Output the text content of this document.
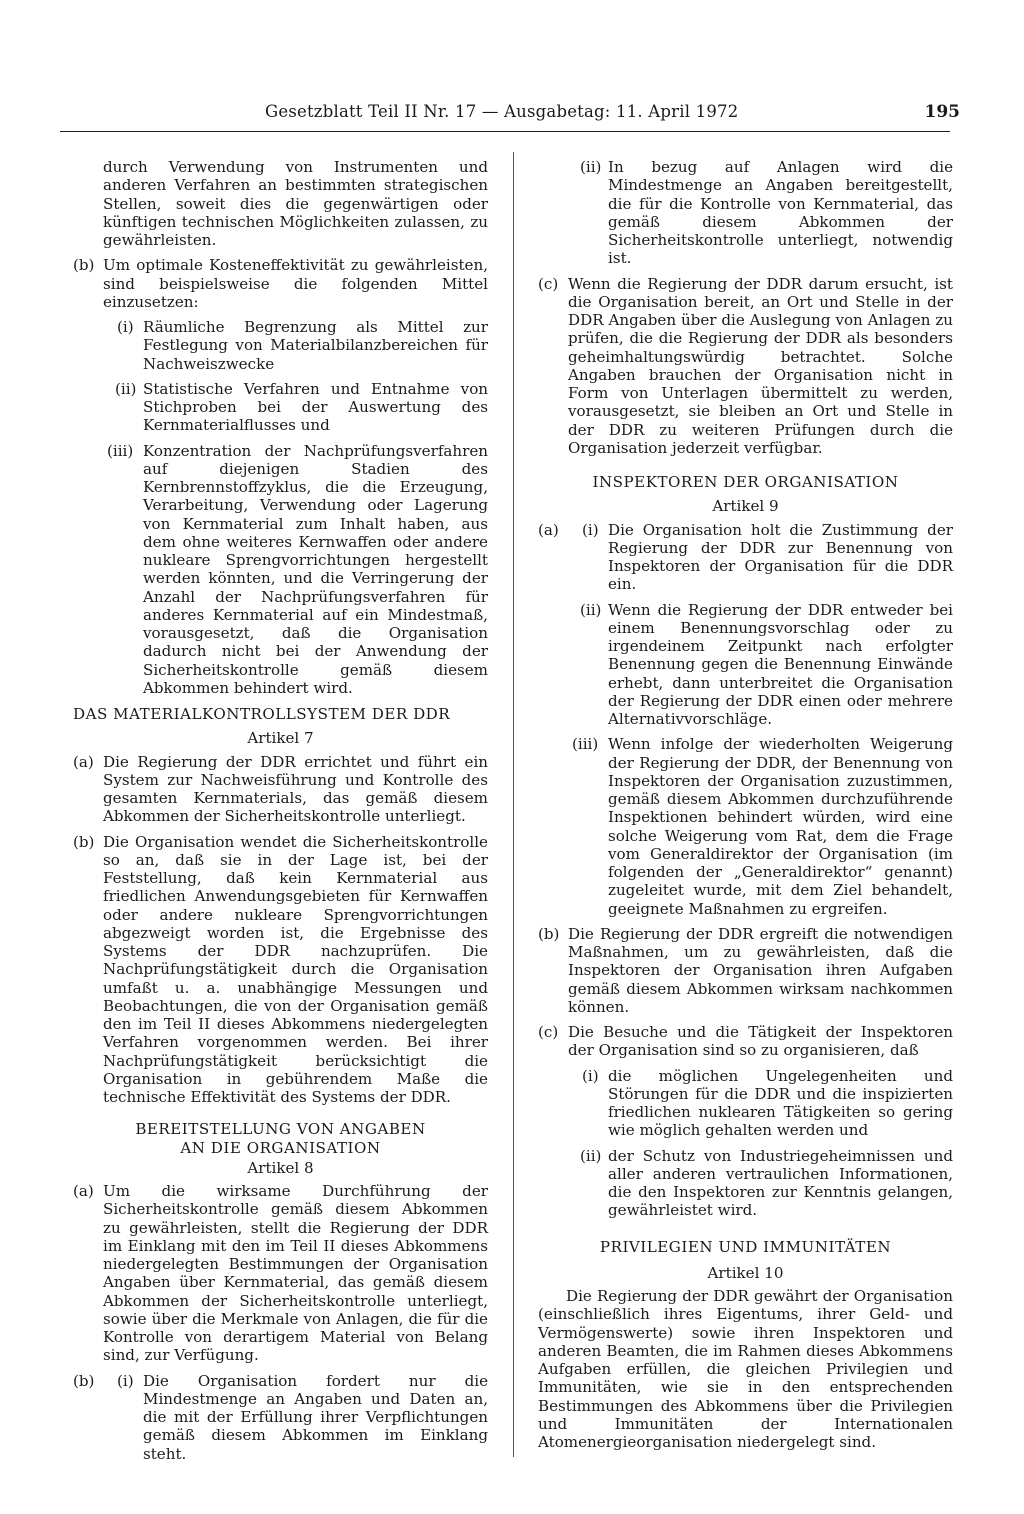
Gesetzblatt Teil II Nr. 17 — Ausgabetag: 11. April 1972	195
durch Verwendung von Instrumenten und anderen Verfahren an bestimmten strategischen Stellen, soweit dies die gegenwärtigen oder künftigen technischen Möglichkeiten zulassen, zu gewährleisten.
(b) Um optimale Kosteneffektivität zu gewährleisten, sind beispielsweise die folgenden Mittel einzusetzen:
(i) Räumliche Begrenzung als Mittel zur Festlegung von Materialbilanzbereichen für Nachweiszwecke
(ii) Statistische Verfahren und Entnahme von Stichproben bei der Auswertung des Kernmaterialflusses und
(iii) Konzentration der Nachprüfungsverfahren auf diejenigen Stadien des Kernbrennstoffzyklus, die die Erzeugung, Verarbeitung, Verwendung oder Lagerung von Kernmaterial zum Inhalt haben, aus dem ohne weiteres Kernwaffen oder andere nukleare Sprengvorrichtungen hergestellt werden könnten, und die Verringerung der Anzahl der Nachprüfungsverfahren für anderes Kernmaterial auf ein Mindestmaß, vorausgesetzt, daß die Organisation dadurch nicht bei der Anwendung der Sicherheitskontrolle gemäß diesem Abkommen behindert wird.
DAS MATERIALKONTROLLSYSTEM DER DDR
Artikel 7
(a) Die Regierung der DDR errichtet und führt ein System zur Nachweisführung und Kontrolle des gesamten Kernmaterials, das gemäß diesem Abkommen der Sicherheitskontrolle unterliegt.
(b) Die Organisation wendet die Sicherheitskontrolle so an, daß sie in der Lage ist, bei der Feststellung, daß kein Kernmaterial aus friedlichen Anwendungsgebieten für Kernwaffen oder andere nukleare Sprengvorrichtungen abgezweigt worden ist, die Ergebnisse des Systems der DDR nachzuprüfen. Die Nachprüfungstätigkeit durch die Organisation umfaßt u. a. unabhängige Messungen und Beobachtungen, die von der Organisation gemäß den im Teil II dieses Abkommens niedergelegten Verfahren vorgenommen werden. Bei ihrer Nachprüfungstätigkeit berücksichtigt die Organisation in gebührendem Maße die technische Effektivität des Systems der DDR.
BEREITSTELLUNG VON ANGABEN
AN DIE ORGANISATION
Artikel 8
(a) Um die wirksame Durchführung der Sicherheitskontrolle gemäß diesem Abkommen zu gewährleisten, stellt die Regierung der DDR im Einklang mit den im Teil II dieses Abkommens niedergelegten Bestimmungen der Organisation Angaben über Kernmaterial, das gemäß diesem Abkommen der Sicherheitskontrolle unterliegt, sowie über die Merkmale von Anlagen, die für die Kontrolle von derartigem Material von Belang sind, zur Verfügung.
(b) (i) Die Organisation fordert nur die Mindestmenge an Angaben und Daten an, die mit der Erfüllung ihrer Verpflichtungen gemäß diesem Abkommen im Einklang steht.
(ii) In bezug auf Anlagen wird die Mindestmenge an Angaben bereitgestellt, die für die Kontrolle von Kernmaterial, das gemäß diesem Abkommen der Sicherheitskontrolle unterliegt, notwendig ist.
(c) Wenn die Regierung der DDR darum ersucht, ist die Organisation bereit, an Ort und Stelle in der DDR Angaben über die Auslegung von Anlagen zu prüfen, die die Regierung der DDR als besonders geheimhaltungswürdig betrachtet. Solche Angaben brauchen der Organisation nicht in Form von Unterlagen übermittelt zu werden, vorausgesetzt, sie bleiben an Ort und Stelle in der DDR zu weiteren Prüfungen durch die Organisation jederzeit verfügbar.
INSPEKTOREN DER ORGANISATION
Artikel 9
(a) (i) Die Organisation holt die Zustimmung der Regierung der DDR zur Benennung von Inspektoren der Organisation für die DDR ein.
(ii) Wenn die Regierung der DDR entweder bei einem Benennungsvorschlag oder zu irgendeinem Zeitpunkt nach erfolgter Benennung gegen die Benennung Einwände erhebt, dann unterbreitet die Organisation der Regierung der DDR einen oder mehrere Alternativvorschläge.
(iii) Wenn infolge der wiederholten Weigerung der Regierung der DDR, der Benennung von Inspektoren der Organisation zuzustimmen, gemäß diesem Abkommen durchzuführende Inspektionen behindert würden, wird eine solche Weigerung vom Rat, dem die Frage vom Generaldirektor der Organisation (im folgenden der „Generaldirektor“ genannt) zugeleitet wurde, mit dem Ziel behandelt, geeignete Maßnahmen zu ergreifen.
(b) Die Regierung der DDR ergreift die notwendigen Maßnahmen, um zu gewährleisten, daß die Inspektoren der Organisation ihren Aufgaben gemäß diesem Abkommen wirksam nachkommen können.
(c) Die Besuche und die Tätigkeit der Inspektoren der Organisation sind so zu organisieren, daß
(i) die möglichen Ungelegenheiten und Störungen für die DDR und die inspizierten friedlichen nuklearen Tätigkeiten so gering wie möglich gehalten werden und
(ii) der Schutz von Industriegeheimnissen und aller anderen vertraulichen Informationen, die den Inspektoren zur Kenntnis gelangen, gewährleistet wird.
PRIVILEGIEN UND IMMUNITÄTEN
Artikel 10
Die Regierung der DDR gewährt der Organisation (einschließlich ihres Eigentums, ihrer Geld- und Vermögenswerte) sowie ihren Inspektoren und anderen Beamten, die im Rahmen dieses Abkommens Aufgaben erfüllen, die gleichen Privilegien und Immunitäten, wie sie in den entsprechenden Bestimmungen des Abkommens über die Privilegien und Immunitäten der Internationalen Atomenergieorganisation niedergelegt sind.
